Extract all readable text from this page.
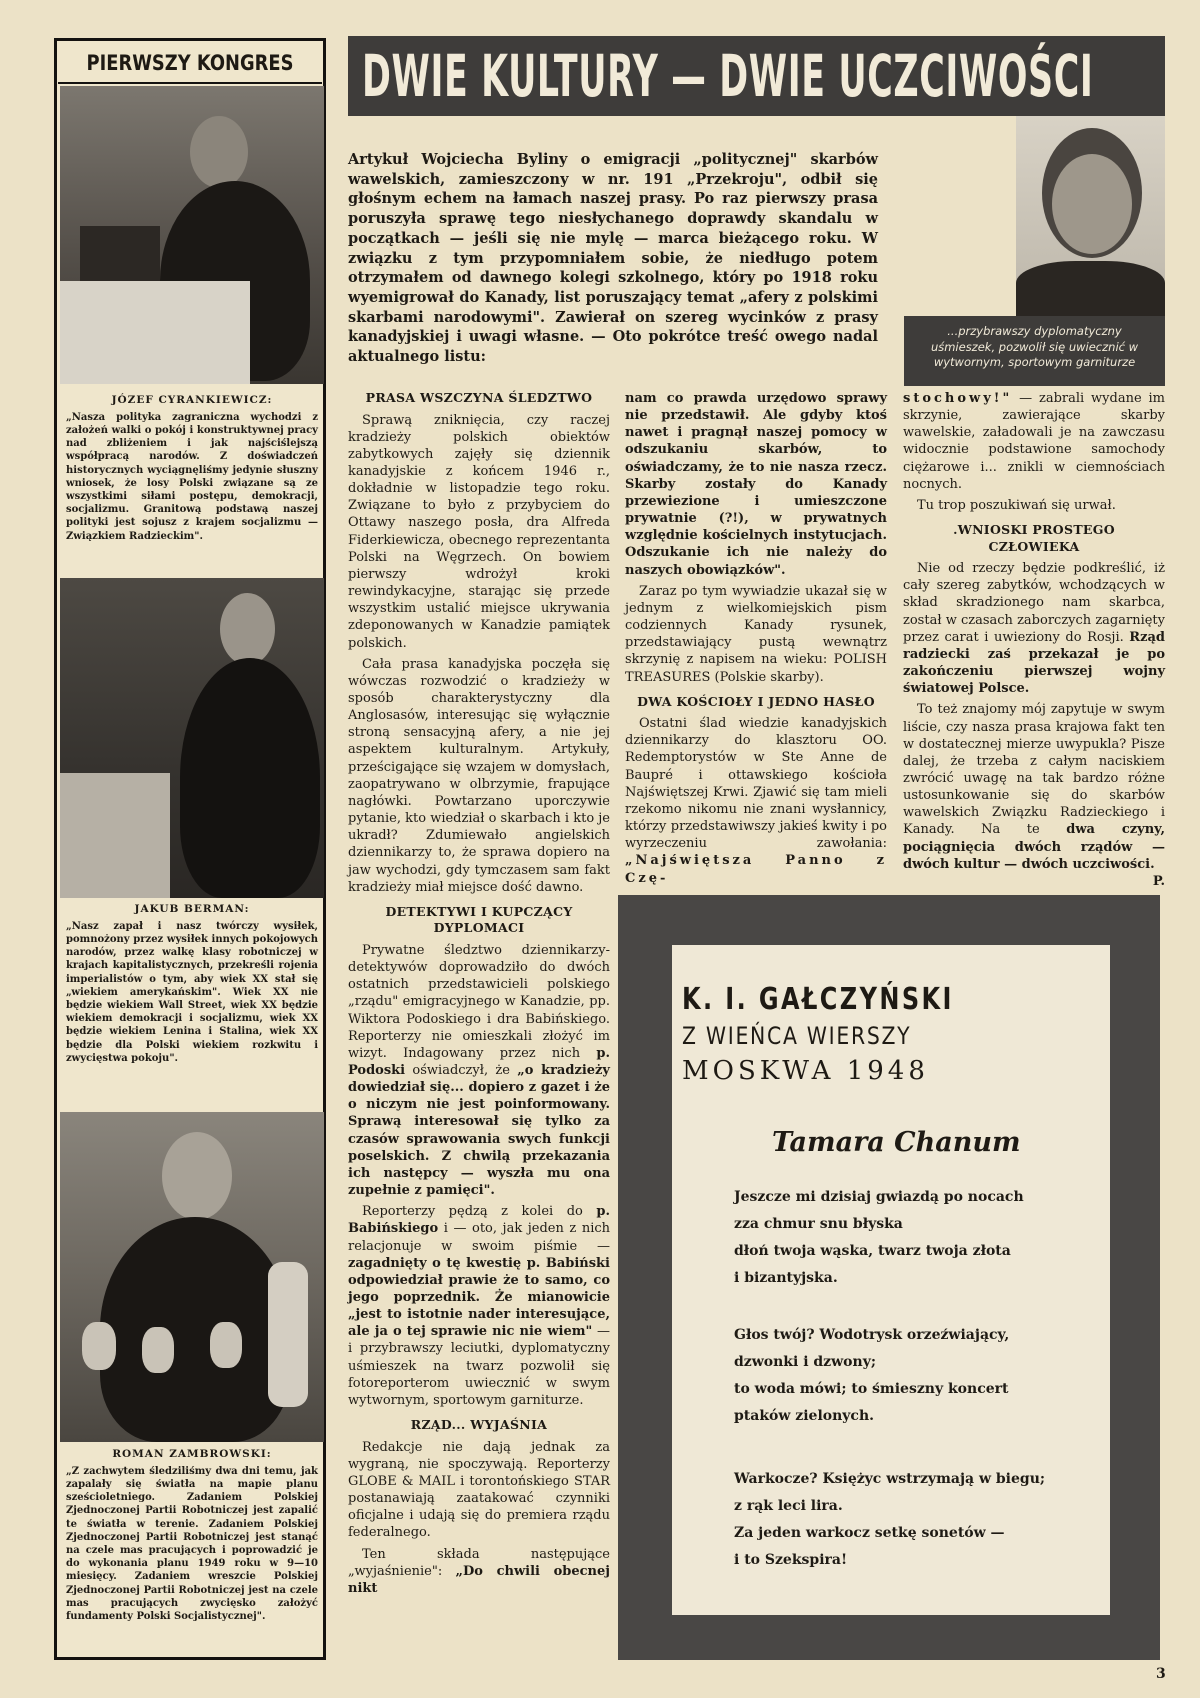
PIERWSZY KONGRES
JÓZEF CYRANKIEWICZ:
„Nasza polityka zagraniczna wychodzi z założeń walki o pokój i konstruktywnej pracy nad zbliżeniem i jak najściślejszą współpracą narodów. Z doświadczeń historycznych wyciągnęliśmy jedynie słuszny wniosek, że losy Polski związane są ze wszystkimi siłami postępu, demokracji, socjalizmu. Granitową podstawą naszej polityki jest sojusz z krajem socjalizmu — Związkiem Radzieckim".
JAKUB BERMAN:
„Nasz zapał i nasz twórczy wysiłek, pomnożony przez wysiłek innych pokojowych narodów, przez walkę klasy robotniczej w krajach kapitalistycznych, przekreśli rojenia imperialistów o tym, aby wiek XX stał się „wiekiem amerykańskim". Wiek XX nie będzie wiekiem Wall Street, wiek XX będzie wiekiem demokracji i socjalizmu, wiek XX będzie wiekiem Lenina i Stalina, wiek XX będzie dla Polski wiekiem rozkwitu i zwycięstwa pokoju".
ROMAN ZAMBROWSKI:
„Z zachwytem śledziliśmy dwa dni temu, jak zapalały się światła na mapie planu sześcioletniego. Zadaniem Polskiej Zjednoczonej Partii Robotniczej jest zapalić te światła w terenie. Zadaniem Polskiej Zjednoczonej Partii Robotniczej jest stanąć na czele mas pracujących i poprowadzić je do wykonania planu 1949 roku w 9—10 miesięcy. Zadaniem wreszcie Polskiej Zjednoczonej Partii Robotniczej jest na czele mas pracujących zwycięsko założyć fundamenty Polski Socjalistycznej".
DWIE KULTURY — DWIE UCZCIWOŚCI
...przybrawszy dyplomatyczny uśmieszek, pozwolił się uwiecznić w wytwornym, sportowym garniturze
Artykuł Wojciecha Byliny o emigracji „politycznej" skarbów wawelskich, zamieszczony w nr. 191 „Przekroju", odbił się głośnym echem na łamach naszej prasy. Po raz pierwszy prasa poruszyła sprawę tego niesłychanego doprawdy skandalu w początkach — jeśli się nie mylę — marca bieżącego roku. W związku z tym przypomniałem sobie, że niedługo potem otrzymałem od dawnego kolegi szkolnego, który po 1918 roku wyemigrował do Kanady, list poruszający temat „afery z polskimi skarbami narodowymi". Zawierał on szereg wycinków z prasy kanadyjskiej i uwagi własne. — Oto pokrótce treść owego nadal aktualnego listu:
PRASA WSZCZYNA ŚLEDZTWO

Sprawą zniknięcia, czy raczej kradzieży polskich obiektów zabytkowych zajęły się dziennik kanadyjskie z końcem 1946 r., dokładnie w listopadzie tego roku. Związane to było z przybyciem do Ottawy naszego posła, dra Alfreda Fiderkiewicza, obecnego reprezentanta Polski na Węgrzech. On bowiem pierwszy wdrożył kroki rewindykacyjne, starając się przede wszystkim ustalić miejsce ukrywania zdeponowanych w Kanadzie pamiątek polskich.

Cała prasa kanadyjska poczęła się wówczas rozwodzić o kradzieży w sposób charakterystyczny dla Anglosasów, interesując się wyłącznie stroną sensacyjną afery, a nie jej aspektem kulturalnym. Artykuły, prześcigające się wzajem w domysłach, zaopatrywano w olbrzymie, frapujące nagłówki. Powtarzano uporczywie pytanie, kto wiedział o skarbach i kto je ukradł? Zdumiewało angielskich dziennikarzy to, że sprawa dopiero na jaw wychodzi, gdy tymczasem sam fakt kradzieży miał miejsce dość dawno.

DETEKTYWI I KUPCZĄCY DYPLOMACI

Prywatne śledztwo dziennikarzy-detektywów doprowadziło do dwóch ostatnich przedstawicieli polskiego „rządu" emigracyjnego w Kanadzie, pp. Wiktora Podoskiego i dra Babińskiego. Reporterzy nie omieszkali złożyć im wizyt. Indagowany przez nich p. Podoski oświadczył, że „o kradzieży dowiedział się... dopiero z gazet i że o niczym nie jest poinformowany. Sprawą interesował się tylko za czasów sprawowania swych funkcji poselskich. Z chwilą przekazania ich następcy — wyszła mu ona zupełnie z pamięci".

Reporterzy pędzą z kolei do p. Babińskiego i — oto, jak jeden z nich relacjonuje w swoim piśmie — zagadnięty o tę kwestię p. Babiński odpowiedział prawie że to samo, co jego poprzednik. Że mianowicie „jest to istotnie nader interesujące, ale ja o tej sprawie nic nie wiem" — i przybrawszy leciutki, dyplomatyczny uśmieszek na twarz pozwolił się fotoreporterom uwiecznić w swym wytwornym, sportowym garniturze.

RZĄD... WYJAŚNIA

Redakcje nie dają jednak za wygraną, nie spoczywają. Reporterzy GLOBE & MAIL i torontońskiego STAR postanawiają zaatakować czynniki oficjalne i udają się do premiera rządu federalnego.

Ten składa następujące „wyjaśnienie": „Do chwili obecnej nikt

nam co prawda urzędowo sprawy nie przedstawił. Ale gdyby ktoś nawet i pragnął naszej pomocy w odszukaniu skarbów, to oświadczamy, że to nie nasza rzecz. Skarby zostały do Kanady przewiezione i umieszczone prywatnie (?!), w prywatnych względnie kościelnych instytucjach. Odszukanie ich nie należy do naszych obowiązków".

Zaraz po tym wywiadzie ukazał się w jednym z wielkomiejskich pism codziennych Kanady rysunek, przedstawiający pustą wewnątrz skrzynię z napisem na wieku: POLISH TREASURES (Polskie skarby).

DWA KOŚCIOŁY I JEDNO HASŁO

Ostatni ślad wiedzie kanadyjskich dziennikarzy do klasztoru OO. Redemptorystów w Ste Anne de Baupré i ottawskiego kościoła Najświętszej Krwi. Zjawić się tam mieli rzekomo nikomu nie znani wysłannicy, którzy przedstawiwszy jakieś kwity i po wyrzeczeniu zawołania: „Najświętsza Panno z Czę-

stochowy!" — zabrali wydane im skrzynie, zawierające skarby wawelskie, załadowali je na zawczasu widocznie podstawione samochody ciężarowe i... znikli w ciemnościach nocnych.

Tu trop poszukiwań się urwał.

.WNIOSKI PROSTEGO CZŁOWIEKA

Nie od rzeczy będzie podkreślić, iż cały szereg zabytków, wchodzących w skład skradzionego nam skarbca, został w czasach zaborczych zagarnięty przez carat i uwieziony do Rosji. Rząd radziecki zaś przekazał je po zakończeniu pierwszej wojny światowej Polsce.

To też znajomy mój zapytuje w swym liście, czy nasza prasa krajowa fakt ten w dostatecznej mierze uwypukla? Pisze dalej, że trzeba z całym naciskiem zwrócić uwagę na tak bardzo różne ustosunkowanie się do skarbów wawelskich Związku Radzieckiego i Kanady. Na te dwa czyny, pociągnięcia dwóch rządów — dwóch kultur — dwóch uczciwości.
P.

K. I. GAŁCZYŃSKI
Z WIEŃCA WIERSZY
MOSKWA 1948
Tamara Chanum
Jeszcze mi dzisiaj gwiazdą po nocach
zza chmur snu błyska
dłoń twoja wąska, twarz twoja złota
i bizantyjska.
Głos twój? Wodotrysk orzeźwiający,
dzwonki i dzwony;
to woda mówi; to śmieszny koncert
ptaków zielonych.
Warkocze? Księżyc wstrzymają w biegu;
z rąk leci lira.
Za jeden warkocz setkę sonetów —
i to Szekspira!
3
